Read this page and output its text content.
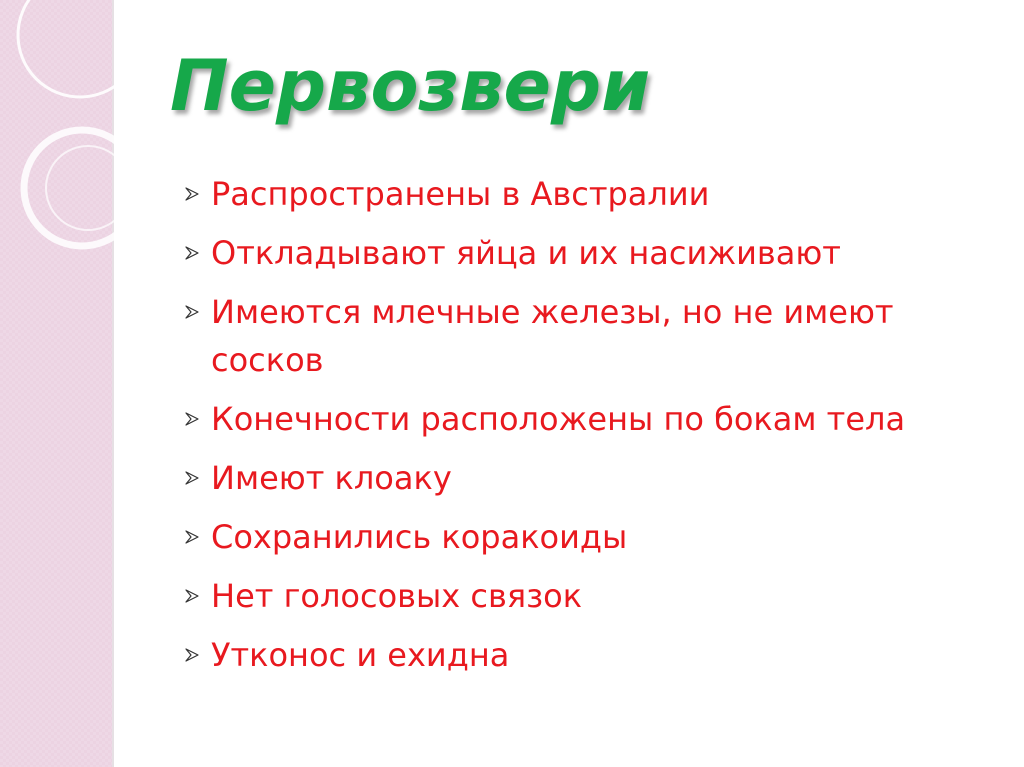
Первозвери
Распространены в Австралии
Откладывают яйца и их насиживают
Имеются млечные железы, но не имеют сосков
Конечности расположены по бокам тела
Имеют клоаку
Сохранились коракоиды
Нет голосовых связок
Утконос и ехидна
